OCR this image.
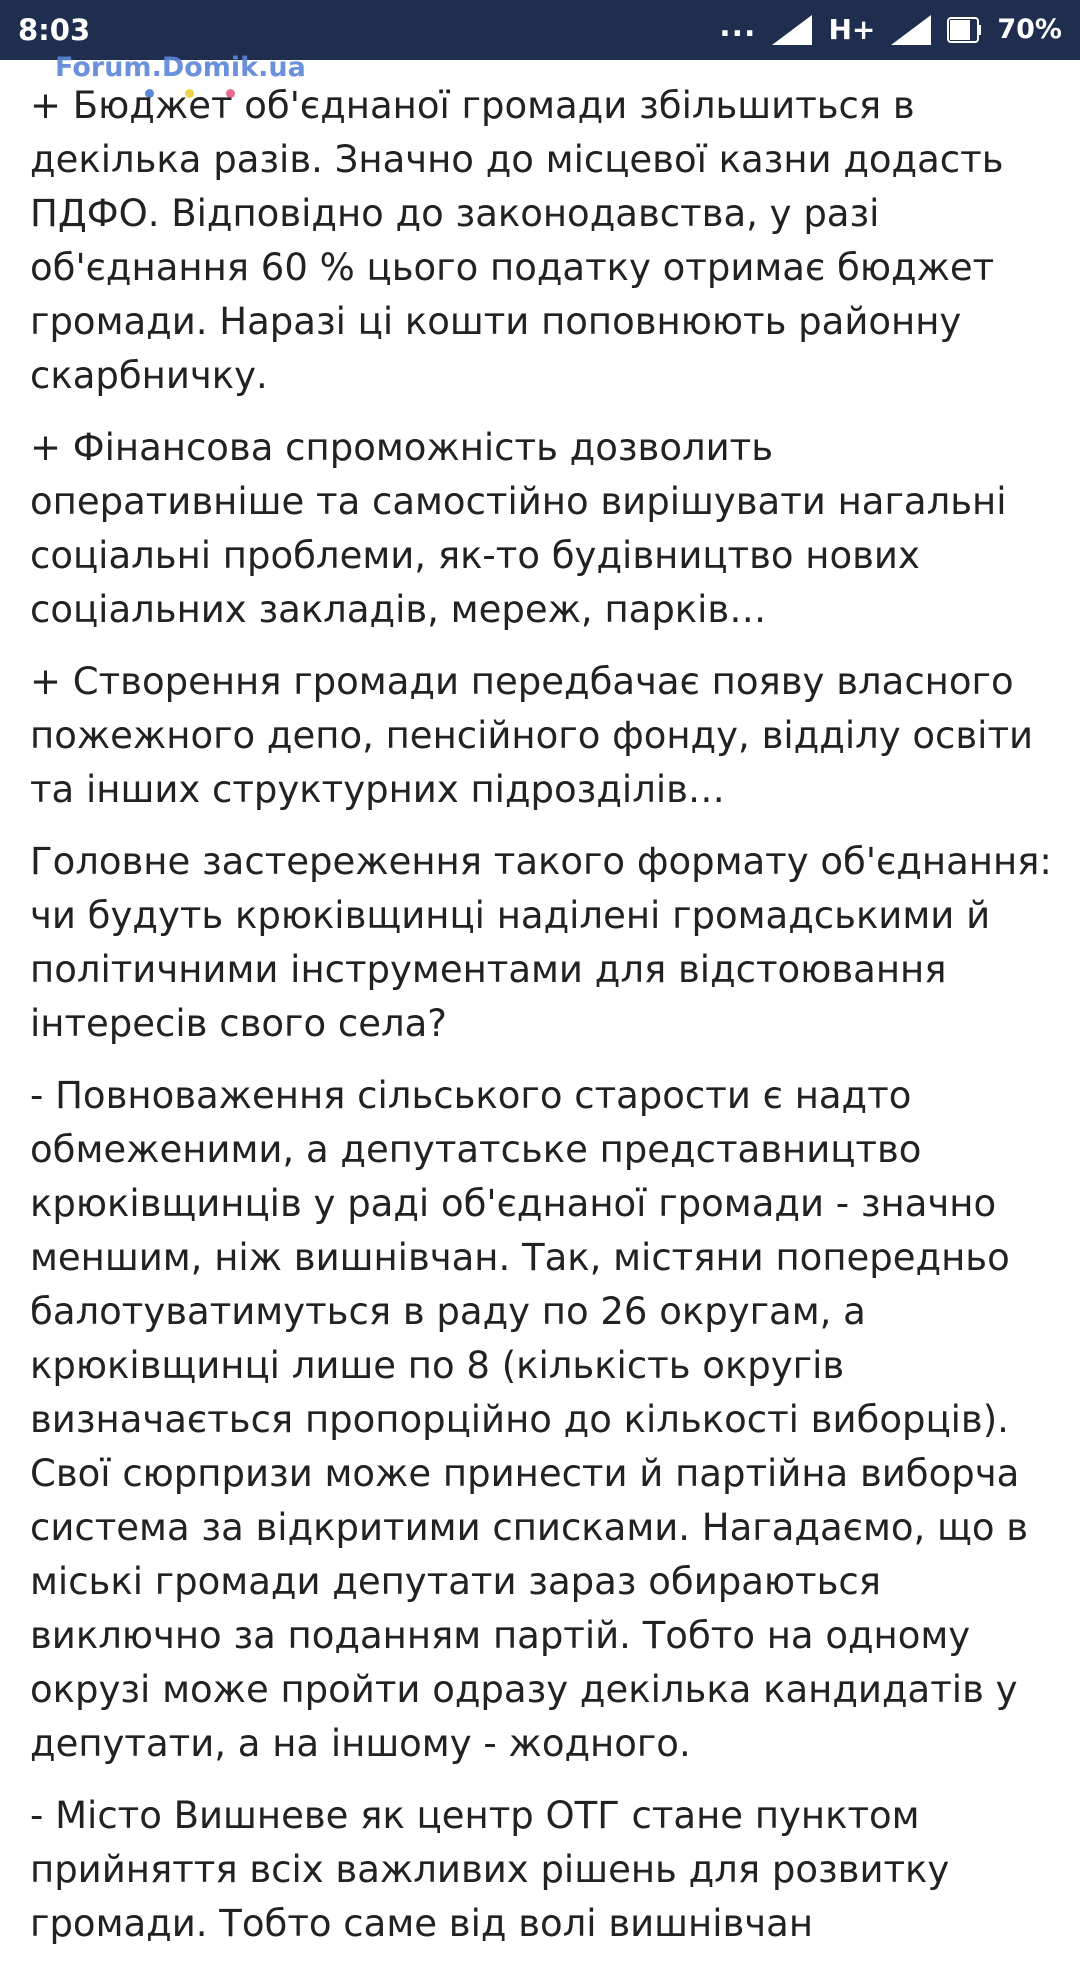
8:03	...	H+	70%
Forum.Domik.ua

+ Бюджет об'єднаної громади збільшиться в
декілька разів. Значно до місцевої казни додасть
ПДФО. Відповідно до законодавства, у разі
об'єднання 60 % цього податку отримає бюджет
громади. Наразі ці кошти поповнюють районну
скарбничку.

+ Фінансова спроможність дозволить
оперативніше та самостійно вирішувати нагальні
соціальні проблеми, як-то будівництво нових
соціальних закладів, мереж, парків…

+ Створення громади передбачає появу власного
пожежного депо, пенсійного фонду, відділу освіти
та інших структурних підрозділів…

Головне застереження такого формату об'єднання:
чи будуть крюківщинці наділені громадськими й
політичними інструментами для відстоювання
інтересів свого села?

- Повноваження сільського старости є надто
обмеженими, а депутатське представництво
крюківщинців у раді об'єднаної громади - значно
меншим, ніж вишнівчан. Так, містяни попередньо
балотуватимуться в раду по 26 округам, а
крюківщинці лише по 8 (кількість округів
визначається пропорційно до кількості виборців).
Свої сюрпризи може принести й партійна виборча
система за відкритими списками. Нагадаємо, що в
міські громади депутати зараз обираються
виключно за поданням партій. Тобто на одному
окрузі може пройти одразу декілька кандидатів у
депутати, а на іншому - жодного.

- Місто Вишневе як центр ОТГ стане пунктом
прийняття всіх важливих рішень для розвитку
громади. Тобто саме від волі вишнівчан
